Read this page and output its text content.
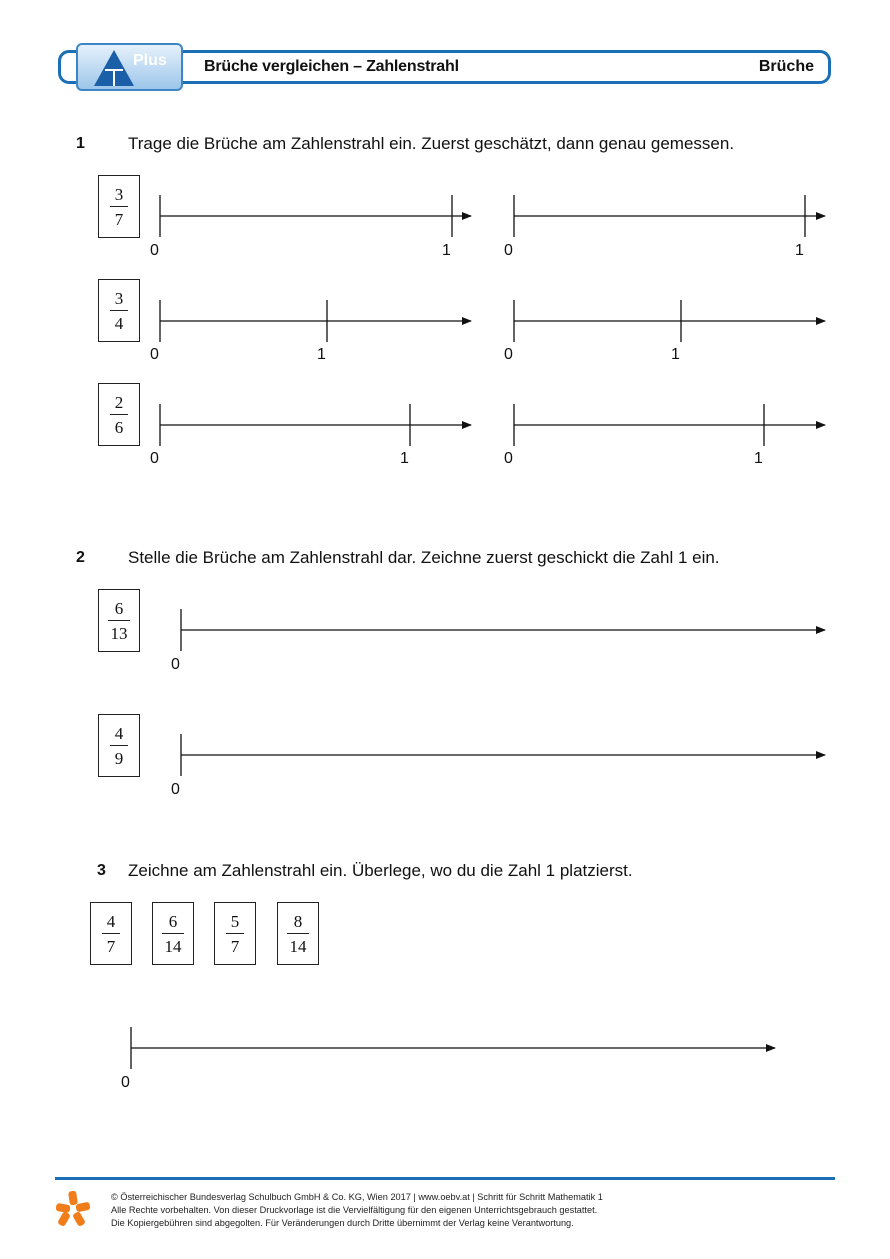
Plus Brüche vergleichen – Zahlenstrahl	Brüche
1	Trage die Brüche am Zahlenstrahl ein. Zuerst geschätzt, dann genau gemessen.
3
7
3
4
2
6
0	1	0	1
0	1	0	1
0	1	0	1
2	Stelle die Brüche am Zahlenstrahl dar. Zeichne zuerst geschickt die Zahl 1 ein.
6
13
4
9
0
0
3 Zeichne am Zahlenstrahl ein. Überlege, wo du die Zahl 1 platzierst.
4
7
6
14
5
7
8
14
0
© Österreichischer Bundesverlag Schulbuch GmbH & Co. KG, Wien 2017 | www.oebv.at | Schritt für Schritt Mathematik 1
Alle Rechte vorbehalten. Von dieser Druckvorlage ist die Vervielfältigung für den eigenen Unterrichtsgebrauch gestattet.
Die Kopiergebühren sind abgegolten. Für Veränderungen durch Dritte übernimmt der Verlag keine Verantwortung.
